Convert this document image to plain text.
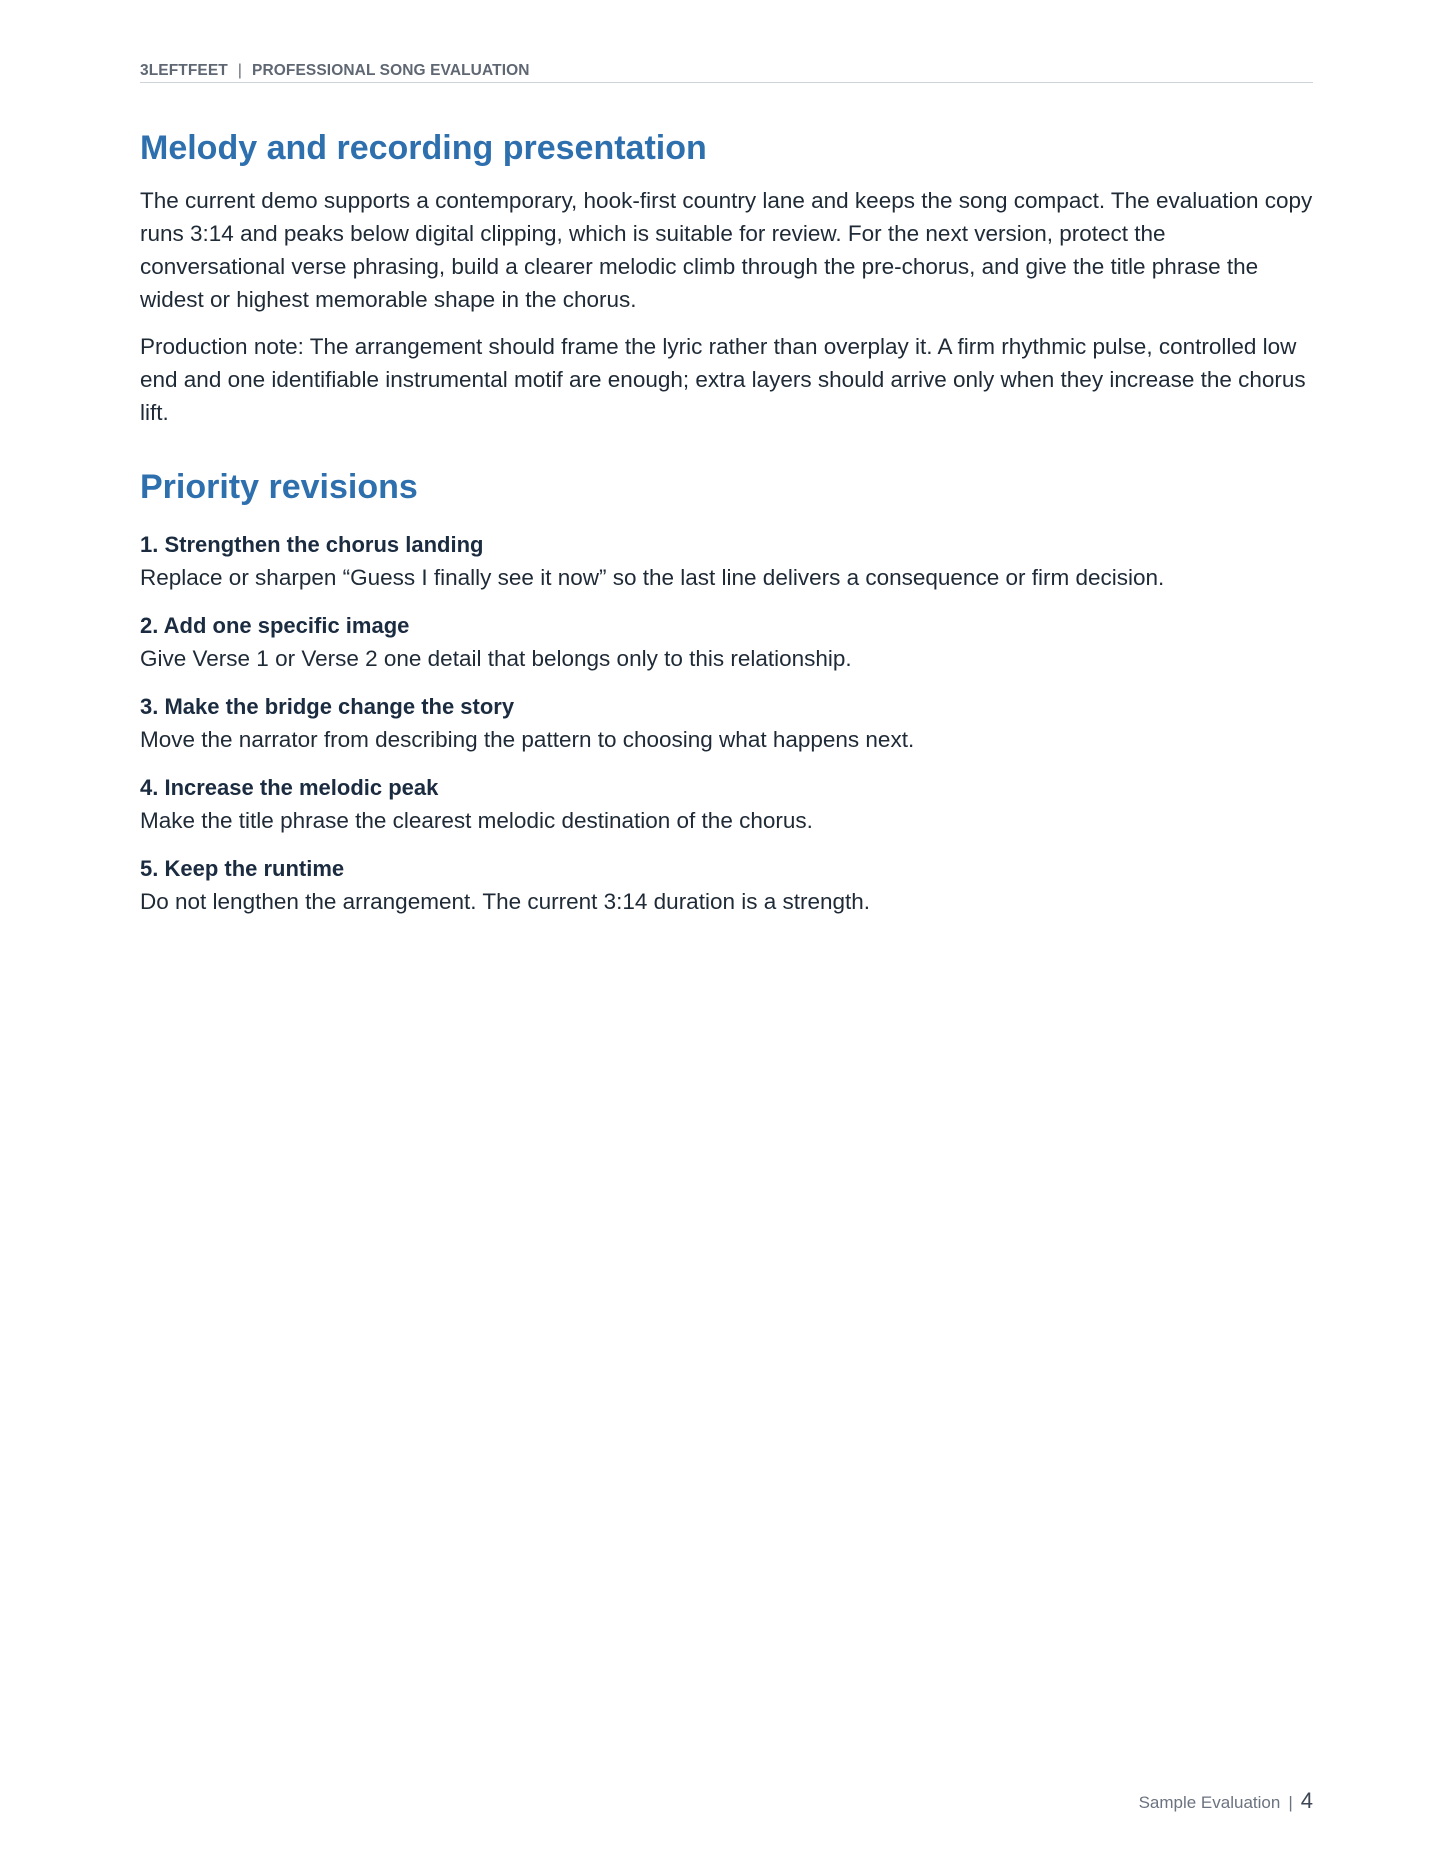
3LEFTFEET | PROFESSIONAL SONG EVALUATION
Melody and recording presentation

The current demo supports a contemporary, hook-first country lane and keeps the song compact. The evaluation copy runs 3:14 and peaks below digital clipping, which is suitable for review. For the next version, protect the conversational verse phrasing, build a clearer melodic climb through the pre-chorus, and give the title phrase the widest or highest memorable shape in the chorus.

Production note: The arrangement should frame the lyric rather than overplay it. A firm rhythmic pulse, controlled low end and one identifiable instrumental motif are enough; extra layers should arrive only when they increase the chorus lift.

Priority revisions
1. Strengthen the chorus landing
Replace or sharpen “Guess I finally see it now” so the last line delivers a consequence or firm decision.
2. Add one specific image
Give Verse 1 or Verse 2 one detail that belongs only to this relationship.
3. Make the bridge change the story
Move the narrator from describing the pattern to choosing what happens next.
4. Increase the melodic peak
Make the title phrase the clearest melodic destination of the chorus.
5. Keep the runtime
Do not lengthen the arrangement. The current 3:14 duration is a strength.
Sample Evaluation | 4
